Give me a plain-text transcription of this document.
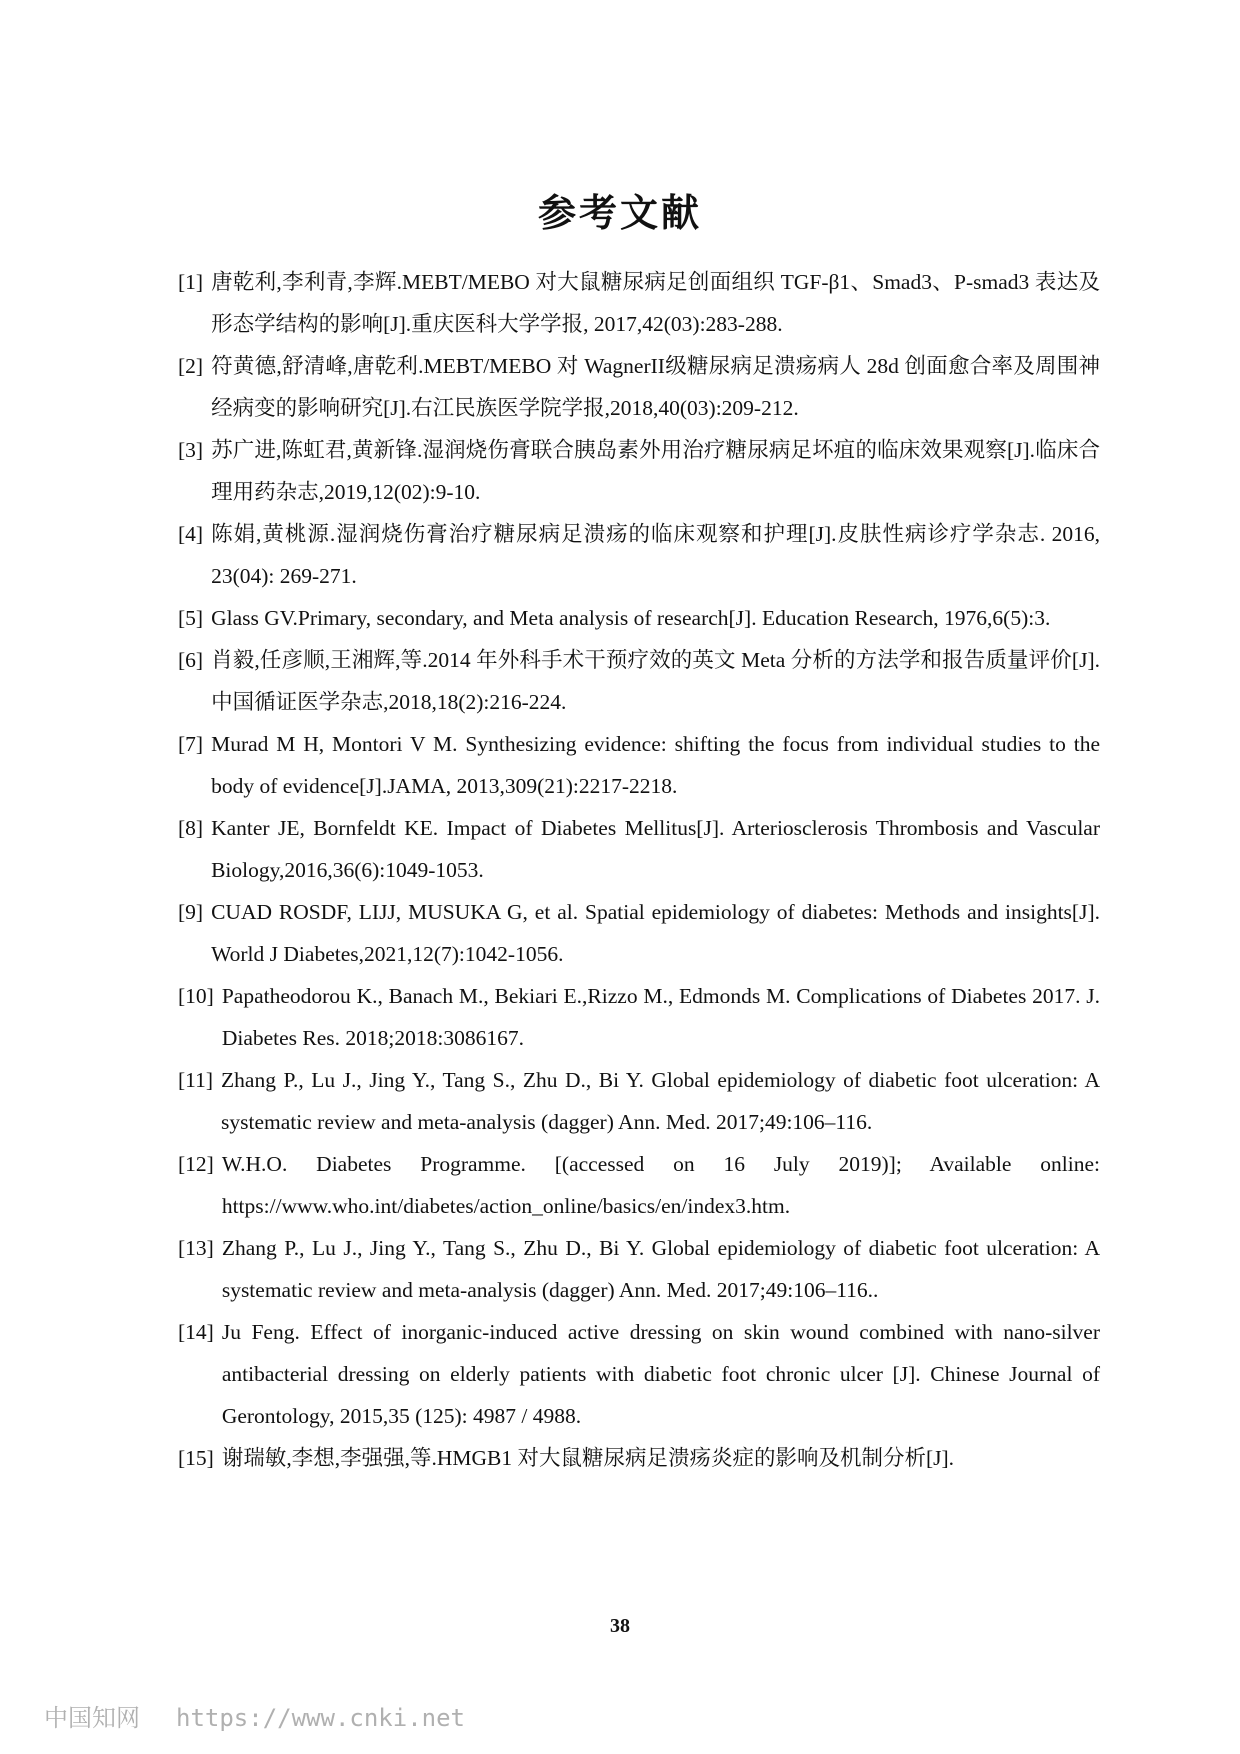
参考文献
[1] 唐乾利,李利青,李辉.MEBT/MEBO 对大鼠糖尿病足创面组织 TGF-β1、Smad3、P-smad3 表达及形态学结构的影响[J].重庆医科大学学报, 2017,42(03):283-288.
[2] 符黄德,舒清峰,唐乾利.MEBT/MEBO 对 WagnerII级糖尿病足溃疡病人 28d 创面愈合率及周围神经病变的影响研究[J].右江民族医学院学报,2018,40(03):209-212.
[3] 苏广进,陈虹君,黄新锋.湿润烧伤膏联合胰岛素外用治疗糖尿病足坏疽的临床效果观察[J].临床合理用药杂志,2019,12(02):9-10.
[4] 陈娟,黄桃源.湿润烧伤膏治疗糖尿病足溃疡的临床观察和护理[J].皮肤性病诊疗学杂志. 2016, 23(04): 269-271.
[5] Glass GV.Primary, secondary, and Meta analysis of research[J]. Education Research, 1976,6(5):3.
[6] 肖毅,任彦顺,王湘辉,等.2014 年外科手术干预疗效的英文 Meta 分析的方法学和报告质量评价[J].中国循证医学杂志,2018,18(2):216-224.
[7] Murad M H, Montori V M. Synthesizing evidence: shifting the focus from individual studies to the body of evidence[J].JAMA, 2013,309(21):2217-2218.
[8] Kanter JE, Bornfeldt KE. Impact of Diabetes Mellitus[J]. Arteriosclerosis Thrombosis and Vascular Biology,2016,36(6):1049-1053.
[9] CUAD ROSDF, LIJJ, MUSUKA G, et al. Spatial epidemiology of diabetes: Methods and insights[J]. World J Diabetes,2021,12(7):1042-1056.
[10] Papatheodorou K., Banach M., Bekiari E.,Rizzo M., Edmonds M. Complications of Diabetes 2017. J. Diabetes Res. 2018;2018:3086167.
[11] Zhang P., Lu J., Jing Y., Tang S., Zhu D., Bi Y. Global epidemiology of diabetic foot ulceration: A systematic review and meta-analysis (dagger) Ann. Med. 2017;49:106–116.
[12] W.H.O. Diabetes Programme. [(accessed on 16 July 2019)]; Available online: https://www.who.int/diabetes/action_online/basics/en/index3.htm.
[13] Zhang P., Lu J., Jing Y., Tang S., Zhu D., Bi Y. Global epidemiology of diabetic foot ulceration: A systematic review and meta-analysis (dagger) Ann. Med. 2017;49:106–116..
[14] Ju Feng. Effect of inorganic-induced active dressing on skin wound combined with nano-silver antibacterial dressing on elderly patients with diabetic foot chronic ulcer [J]. Chinese Journal of Gerontology, 2015,35 (125): 4987 / 4988.
[15] 谢瑞敏,李想,李强强,等.HMGB1 对大鼠糖尿病足溃疡炎症的影响及机制分析[J].
38
中国知网 https://www.cnki.net
